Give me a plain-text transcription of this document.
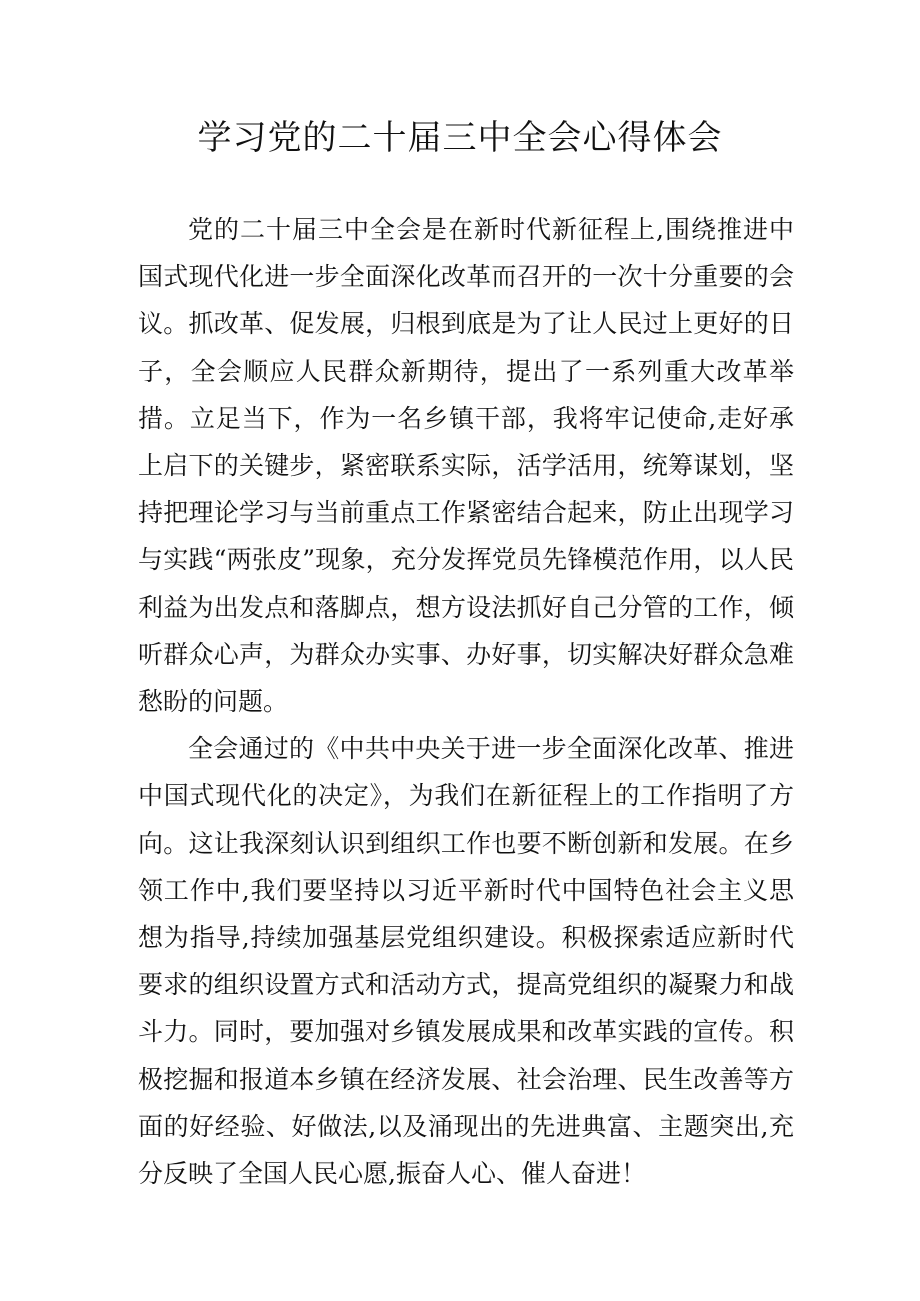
学习党的二十届三中全会心得体会

党的二十届三中全会是在新时代新征程上,围绕推进中国式现代化进一步全面深化改革而召开的一次十分重要的会议。抓改革、促发展，归根到底是为了让人民过上更好的日子，全会顺应人民群众新期待，提出了一系列重大改革举措。立足当下，作为一名乡镇干部，我将牢记使命,走好承上启下的关键步，紧密联系实际，活学活用，统筹谋划，坚持把理论学习与当前重点工作紧密结合起来，防止出现学习与实践“两张皮”现象，充分发挥党员先锋模范作用，以人民利益为出发点和落脚点，想方设法抓好自己分管的工作，倾听群众心声，为群众办实事、办好事，切实解决好群众急难愁盼的问题。

全会通过的《中共中央关于进一步全面深化改革、推进中国式现代化的决定》，为我们在新征程上的工作指明了方向。这让我深刻认识到组织工作也要不断创新和发展。在乡领工作中,我们要坚持以习近平新时代中国特色社会主义思想为指导,持续加强基层党组织建设。积极探索适应新时代要求的组织设置方式和活动方式，提高党组织的凝聚力和战斗力。同时，要加强对乡镇发展成果和改革实践的宣传。积极挖掘和报道本乡镇在经济发展、社会治理、民生改善等方面的好经验、好做法,以及涌现出的先进典富、主题突出,充分反映了全国人民心愿,振奋人心、催人奋进！
